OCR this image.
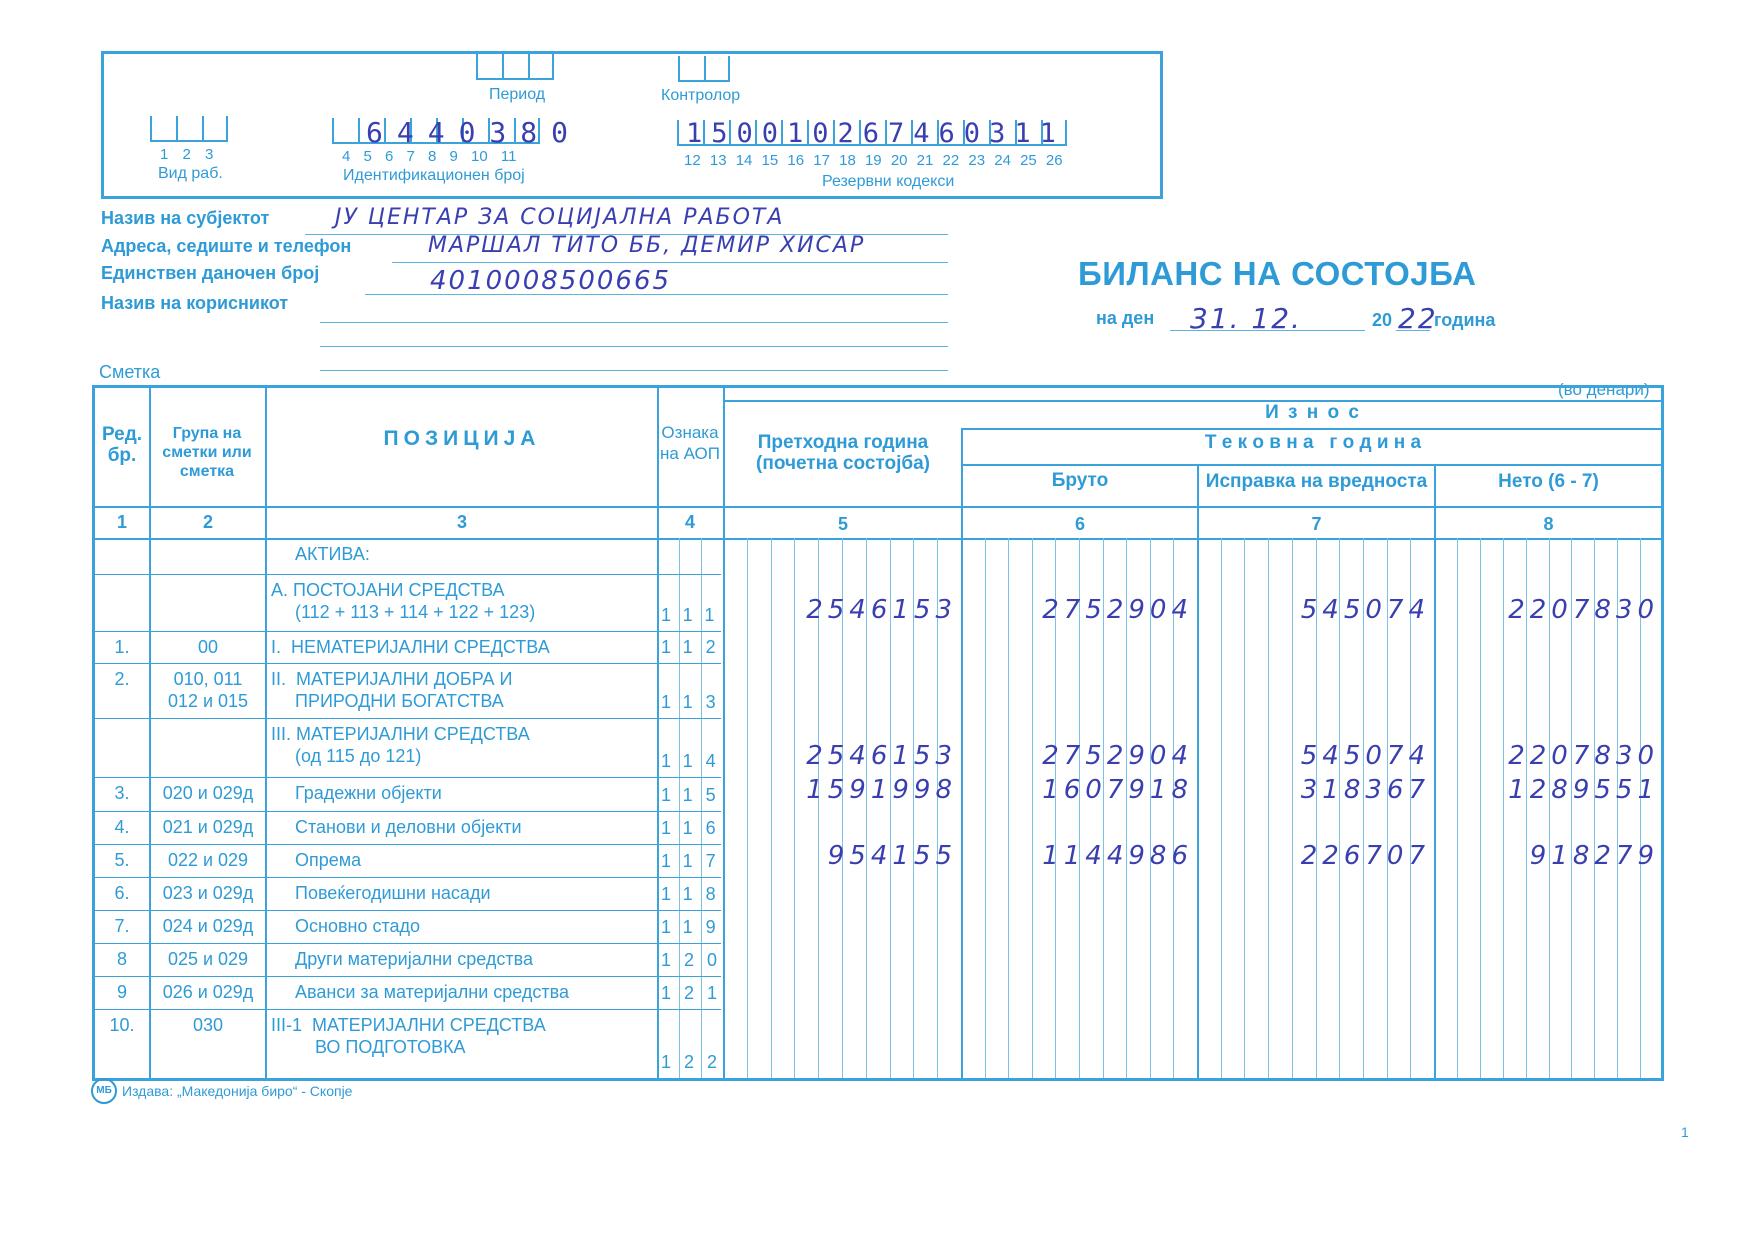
Период	Контролор
1 2 3
Вид раб.
6440380
4 5 6 7 8 9 10 11
Идентификационен број
150010267460311
12 13 14 15 16 17 18 19 20 21 22 23 24 25 26
Резервни кодекси
Назив на субјектот	ЈУ ЦЕНТАР ЗА СОЦИЈАЛНА РАБОТА
Адреса, седиште и телефон	МАРШАЛ ТИТО ББ, ДЕМИР ХИСАР
Единствен даночен број	4010008500665
Назив на корисникот
Сметка
БИЛАНС НА СОСТОЈБА
на ден 31. 12.	20 22
година
(во денари)
Ред. бр.
Група на сметки или сметка
ПОЗИЦИЈА	Ознака на АОП
И з н о с
Претходна година (почетна состојба)
Т е к о в н а   г о д и н а
Бруто	Исправка на вредноста	Нето (6 - 7)
1	2	3	4	5	6	7	8
АКТИВА:
А. ПОСТОЈАНИ СРЕДСТВА
(112 + 113 + 114 + 122 + 123)	111	2546153	2752904	545074	2207830
1.	00	I.  НЕМАТЕРИЈАЛНИ СРЕДСТВА	112
2.	010, 011
012 и 015
II.  МАТЕРИЈАЛНИ ДОБРА И
ПРИРОДНИ БОГАТСТВА	113
III. МАТЕРИЈАЛНИ СРЕДСТВА
(од 115 до 121)	114	2546153	2752904	545074	2207830
3.	020 и 029д	Градежни објекти	115	1591998	1607918	318367	1289551
4.	021 и 029д	Станови и деловни објекти	116
5.	022 и 029	Опрема	117	954155	1144986	226707	918279
6.	023 и 029д	Повеќегодишни насади	118
7.	024 и 029д	Основно стадо	119
8	025 и 029	Други материјални средства	120
9	026 и 029д	Аванси за материјални средства	121
10.	030	III-1  МАТЕРИЈАЛНИ СРЕДСТВА
ВО ПОДГОТОВКА
122
МБ Издава: „Македонија биро“ - Скопје
1
